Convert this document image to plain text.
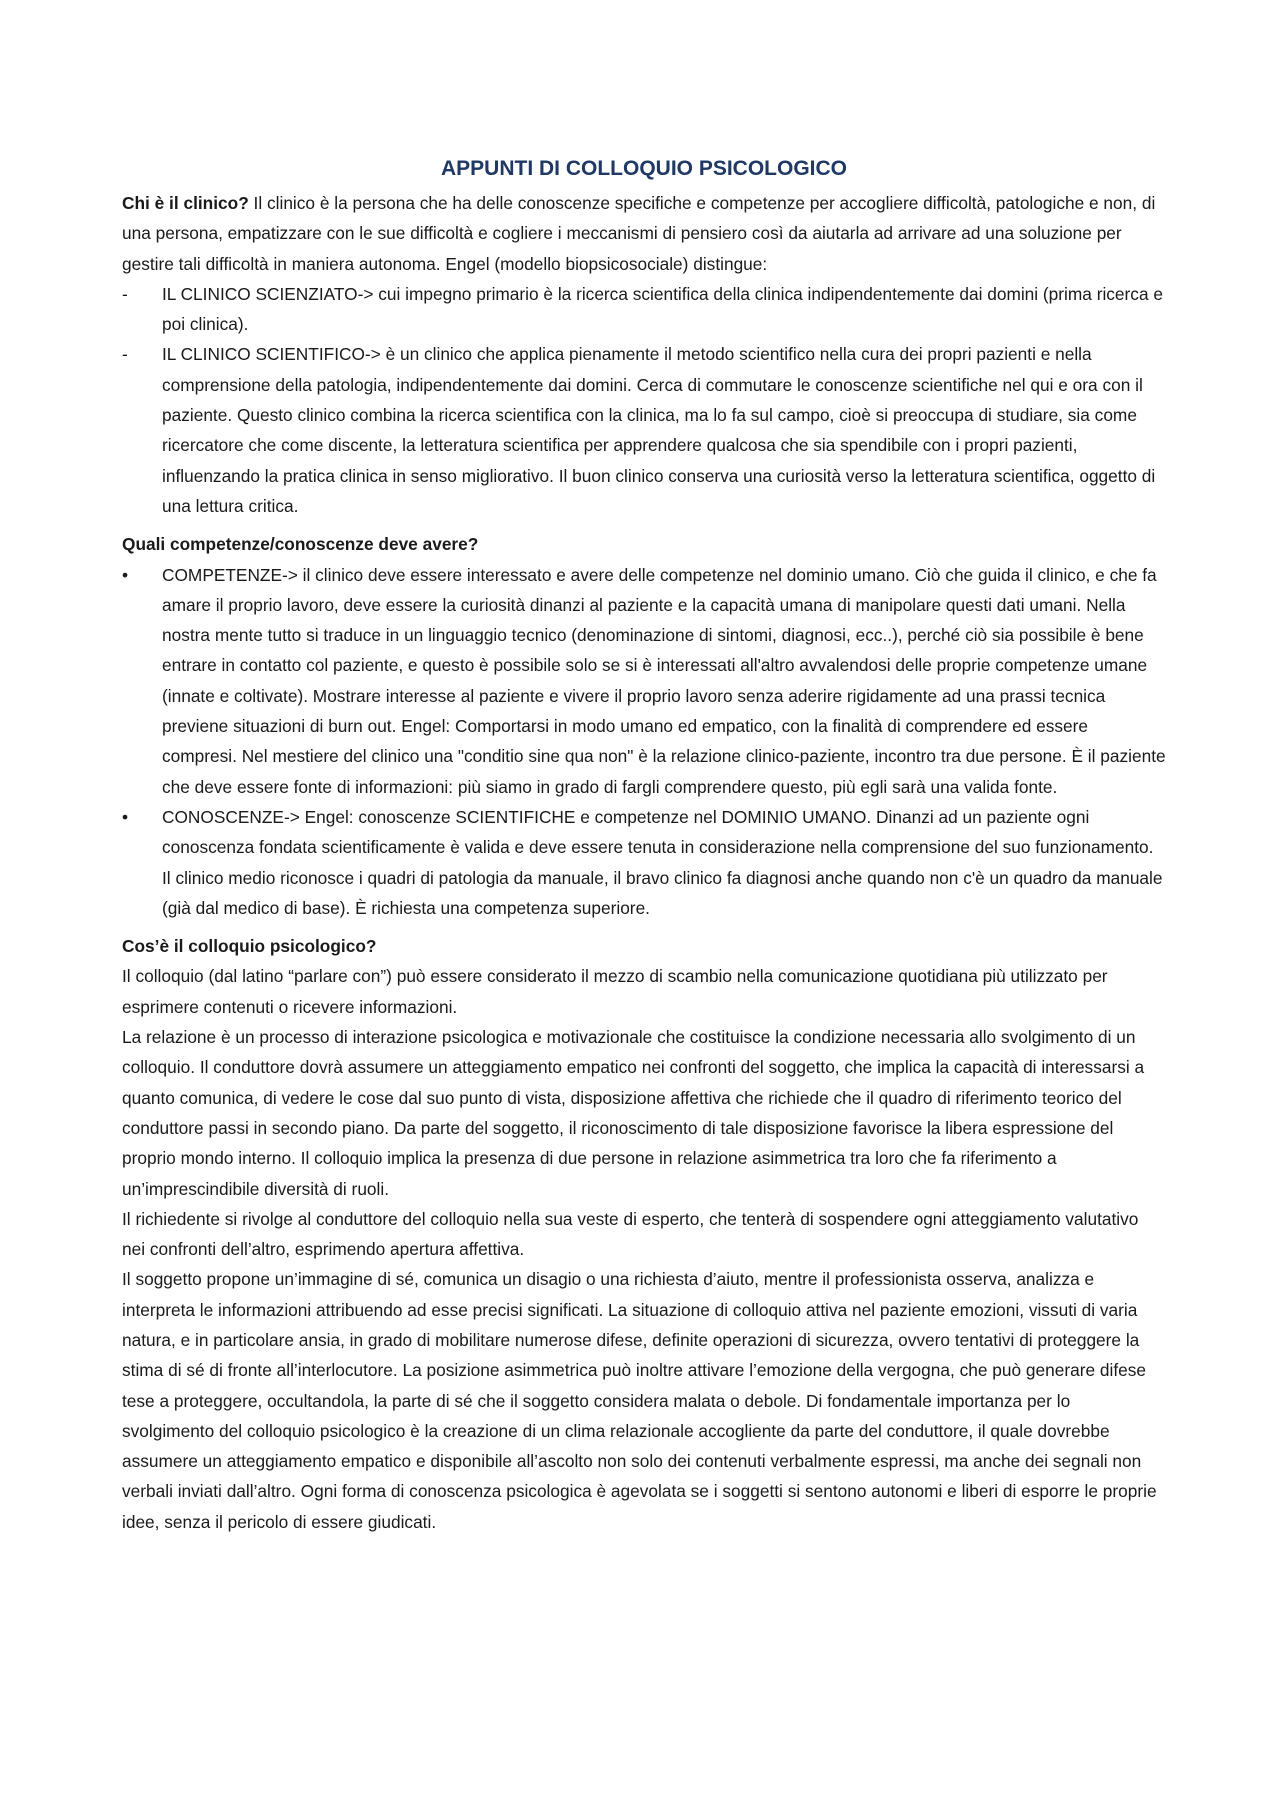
APPUNTI DI COLLOQUIO PSICOLOGICO

Chi è il clinico? Il clinico è la persona che ha delle conoscenze specifiche e competenze per accogliere difficoltà, patologiche e non, di una persona, empatizzare con le sue difficoltà e cogliere i meccanismi di pensiero così da aiutarla ad arrivare ad una soluzione per gestire tali difficoltà in maniera autonoma. Engel (modello biopsicosociale) distingue:

-	IL CLINICO SCIENZIATO-> cui impegno primario è la ricerca scientifica della clinica indipendentemente dai domini (prima ricerca e poi clinica).
-	IL CLINICO SCIENTIFICO-> è un clinico che applica pienamente il metodo scientifico nella cura dei propri pazienti e nella comprensione della patologia, indipendentemente dai domini. Cerca di commutare le conoscenze scientifiche nel qui e ora con il paziente. Questo clinico combina la ricerca scientifica con la clinica, ma lo fa sul campo, cioè si preoccupa di studiare, sia come ricercatore che come discente, la letteratura scientifica per apprendere qualcosa che sia spendibile con i propri pazienti, influenzando la pratica clinica in senso migliorativo. Il buon clinico conserva una curiosità verso la letteratura scientifica, oggetto di una lettura critica.
Quali competenze/conoscenze deve avere?
•	COMPETENZE-> il clinico deve essere interessato e avere delle competenze nel dominio umano. Ciò che guida il clinico, e che fa amare il proprio lavoro, deve essere la curiosità dinanzi al paziente e la capacità umana di manipolare questi dati umani. Nella nostra mente tutto si traduce in un linguaggio tecnico (denominazione di sintomi, diagnosi, ecc..), perché ciò sia possibile è bene entrare in contatto col paziente, e questo è possibile solo se si è interessati all'altro avvalendosi delle proprie competenze umane (innate e coltivate). Mostrare interesse al paziente e vivere il proprio lavoro senza aderire rigidamente ad una prassi tecnica previene situazioni di burn out. Engel: Comportarsi in modo umano ed empatico, con la finalità di comprendere ed essere compresi. Nel mestiere del clinico una "conditio sine qua non" è la relazione clinico-paziente, incontro tra due persone. È il paziente che deve essere fonte di informazioni: più siamo in grado di fargli comprendere questo, più egli sarà una valida fonte.
•	CONOSCENZE-> Engel: conoscenze SCIENTIFICHE e competenze nel DOMINIO UMANO. Dinanzi ad un paziente ogni conoscenza fondata scientificamente è valida e deve essere tenuta in considerazione nella comprensione del suo funzionamento. Il clinico medio riconosce i quadri di patologia da manuale, il bravo clinico fa diagnosi anche quando non c'è un quadro da manuale (già dal medico di base). È richiesta una competenza superiore.
Cos’è il colloquio psicologico?

Il colloquio (dal latino “parlare con”) può essere considerato il mezzo di scambio nella comunicazione quotidiana più utilizzato per esprimere contenuti o ricevere informazioni.

La relazione è un processo di interazione psicologica e motivazionale che costituisce la condizione necessaria allo svolgimento di un colloquio. Il conduttore dovrà assumere un atteggiamento empatico nei confronti del soggetto, che implica la capacità di interessarsi a quanto comunica, di vedere le cose dal suo punto di vista, disposizione affettiva che richiede che il quadro di riferimento teorico del conduttore passi in secondo piano. Da parte del soggetto, il riconoscimento di tale disposizione favorisce la libera espressione del proprio mondo interno. Il colloquio implica la presenza di due persone in relazione asimmetrica tra loro che fa riferimento a un’imprescindibile diversità di ruoli.

Il richiedente si rivolge al conduttore del colloquio nella sua veste di esperto, che tenterà di sospendere ogni atteggiamento valutativo nei confronti dell’altro, esprimendo apertura affettiva.

Il soggetto propone un’immagine di sé, comunica un disagio o una richiesta d’aiuto, mentre il professionista osserva, analizza e interpreta le informazioni attribuendo ad esse precisi significati. La situazione di colloquio attiva nel paziente emozioni, vissuti di varia natura, e in particolare ansia, in grado di mobilitare numerose difese, definite operazioni di sicurezza, ovvero tentativi di proteggere la stima di sé di fronte all’interlocutore. La posizione asimmetrica può inoltre attivare l’emozione della vergogna, che può generare difese tese a proteggere, occultandola, la parte di sé che il soggetto considera malata o debole. Di fondamentale importanza per lo svolgimento del colloquio psicologico è la creazione di un clima relazionale accogliente da parte del conduttore, il quale dovrebbe assumere un atteggiamento empatico e disponibile all’ascolto non solo dei contenuti verbalmente espressi, ma anche dei segnali non verbali inviati dall’altro. Ogni forma di conoscenza psicologica è agevolata se i soggetti si sentono autonomi e liberi di esporre le proprie idee, senza il pericolo di essere giudicati.
